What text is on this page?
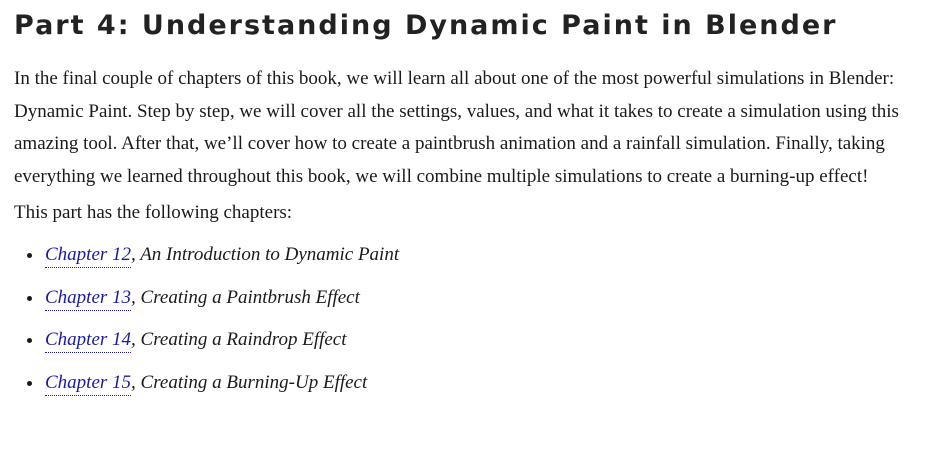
Part 4: Understanding Dynamic Paint in Blender

In the final couple of chapters of this book, we will learn all about one of the most powerful simulations in Blender: Dynamic Paint. Step by step, we will cover all the settings, values, and what it takes to create a simulation using this amazing tool. After that, we’ll cover how to create a paintbrush animation and a rainfall simulation. Finally, taking everything we learned throughout this book, we will combine multiple simulations to create a burning-up effect!

This part has the following chapters:

Chapter 12, An Introduction to Dynamic Paint
Chapter 13, Creating a Paintbrush Effect
Chapter 14, Creating a Raindrop Effect
Chapter 15, Creating a Burning-Up Effect
